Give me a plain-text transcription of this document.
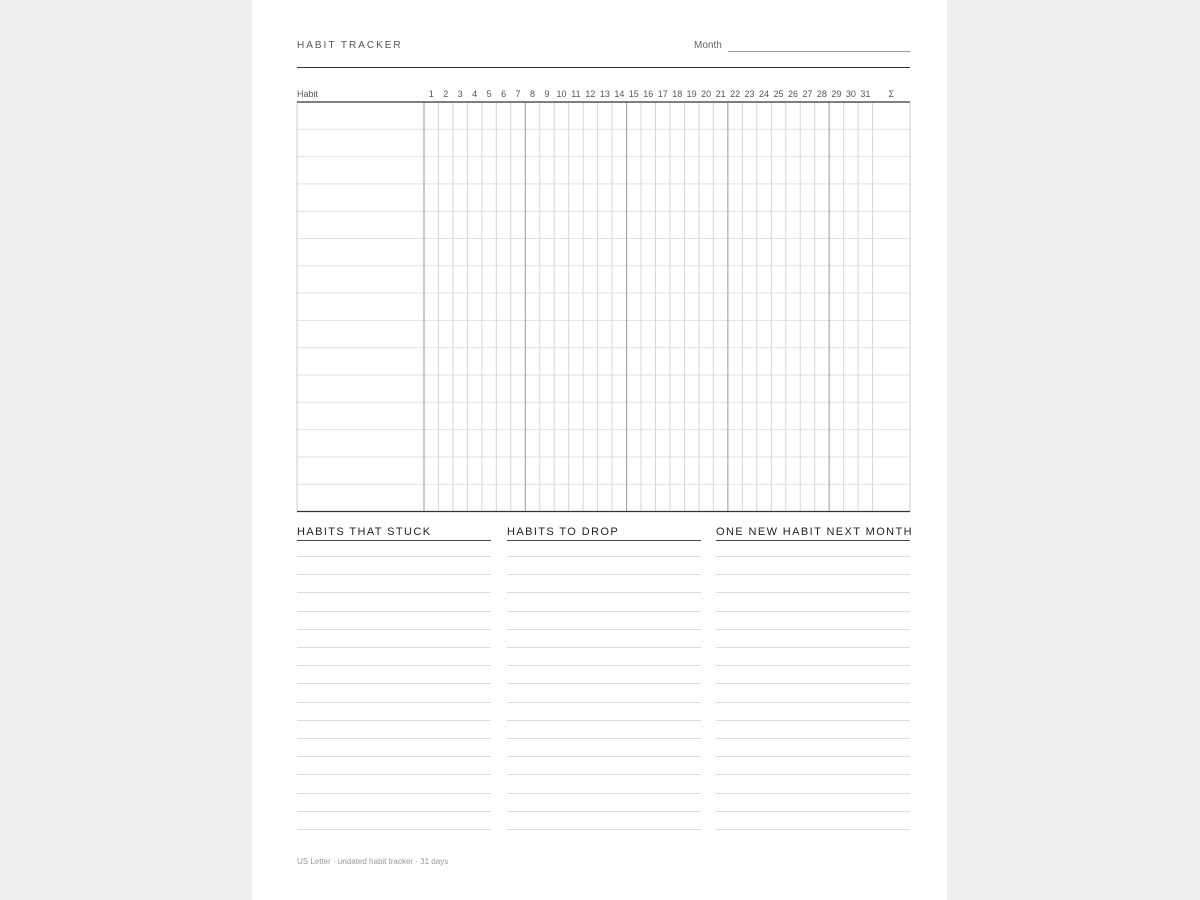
HABIT TRACKER	Month
Habit	1	2	3	4	5	6	7	8	9 10 11 12 13 14 15 16 17 18 19 20 21 22 23 24 25 26 27 28 29 30 31	Σ
HABITS THAT STUCK	HABITS TO DROP	ONE NEW HABIT NEXT MONTH
US Letter · undated habit tracker · 31 days
